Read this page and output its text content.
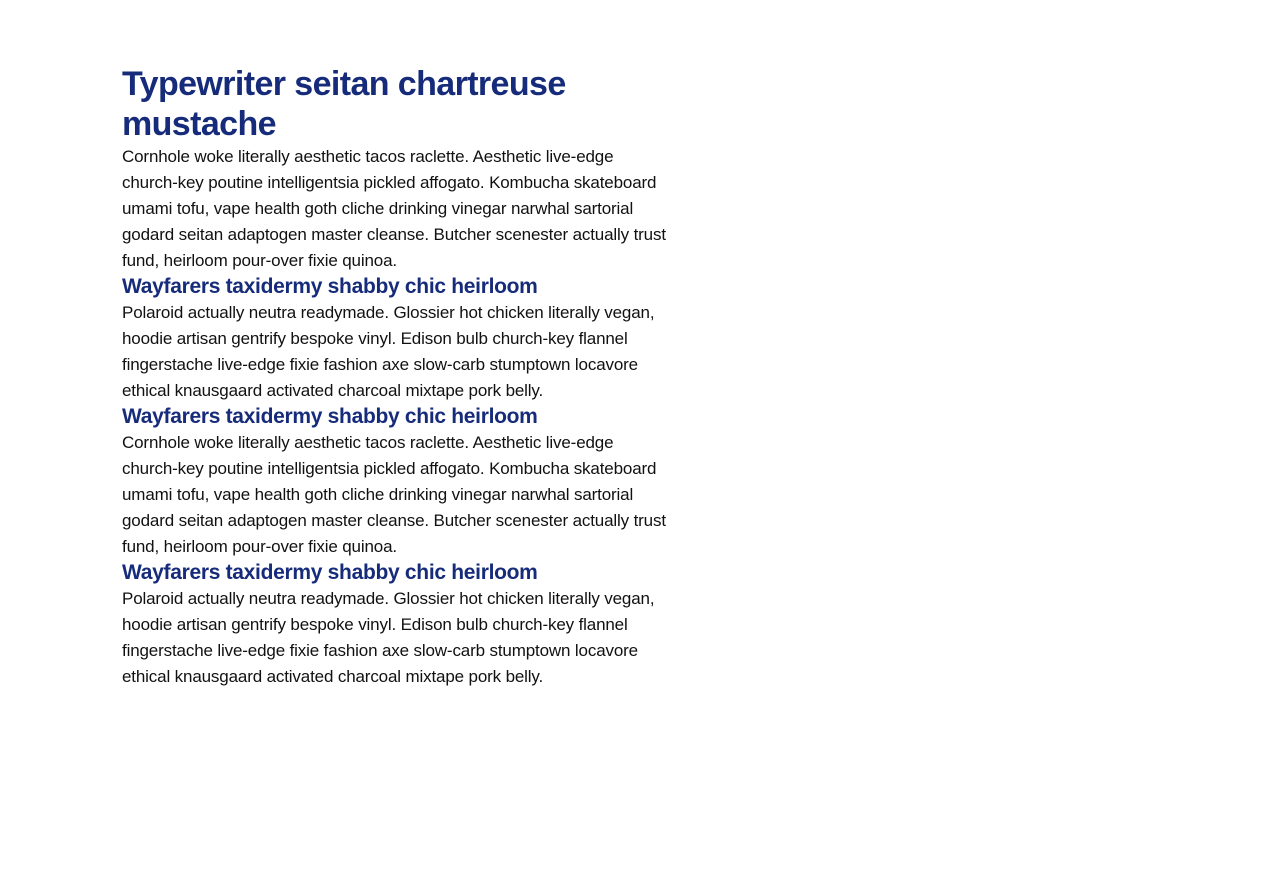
Typewriter seitan chartreuse mustache

Cornhole woke literally aesthetic tacos raclette. Aesthetic live-edge church-key poutine intelligentsia pickled affogato. Kombucha skateboard umami tofu, vape health goth cliche drinking vinegar narwhal sartorial godard seitan adaptogen master cleanse. Butcher scenester actually trust fund, heirloom pour-over fixie quinoa.

Wayfarers taxidermy shabby chic heirloom

Polaroid actually neutra readymade. Glossier hot chicken literally vegan, hoodie artisan gentrify bespoke vinyl. Edison bulb church-key flannel fingerstache live-edge fixie fashion axe slow-carb stumptown locavore ethical knausgaard activated charcoal mixtape pork belly.

Wayfarers taxidermy shabby chic heirloom

Cornhole woke literally aesthetic tacos raclette. Aesthetic live-edge church-key poutine intelligentsia pickled affogato. Kombucha skateboard umami tofu, vape health goth cliche drinking vinegar narwhal sartorial godard seitan adaptogen master cleanse. Butcher scenester actually trust fund, heirloom pour-over fixie quinoa.

Wayfarers taxidermy shabby chic heirloom

Polaroid actually neutra readymade. Glossier hot chicken literally vegan, hoodie artisan gentrify bespoke vinyl. Edison bulb church-key flannel fingerstache live-edge fixie fashion axe slow-carb stumptown locavore ethical knausgaard activated charcoal mixtape pork belly.
